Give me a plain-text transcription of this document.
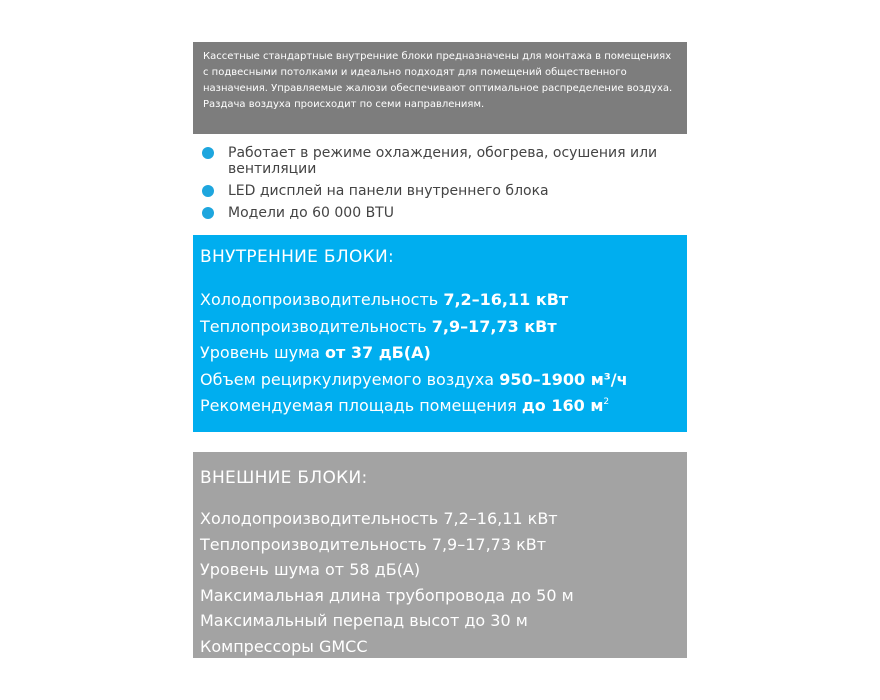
Кассетные стандартные внутренние блоки предназначены для монтажа в помещениях

с подвесными потолками и идеально подходят для помещений общественного

назначения. Управляемые жалюзи обеспечивают оптимальное распределение воздуха.

Раздача воздуха происходит по семи направлениям.

Работает в режиме охлаждения, обогрева, осушения или вентиляции
LED дисплей на панели внутреннего блока
Модели до 60 000 BTU
ВНУТРЕННИЕ БЛОКИ:
Холодопроизводительность 7,2–16,11 кВт
Теплопроизводительность 7,9–17,73 кВт
Уровень шума от 37 дБ(А)
Объем рециркулируемого воздуха 950–1900 м³/ч
Рекомендуемая площадь помещения до 160 $м^2$
ВНЕШНИЕ БЛОКИ:
Холодопроизводительность 7,2–16,11 кВт
Теплопроизводительность 7,9–17,73 кВт
Уровень шума от 58 дБ(А)
Максимальная длина трубопровода до 50 м
Максимальный перепад высот до 30 м
Компрессоры GMCC
